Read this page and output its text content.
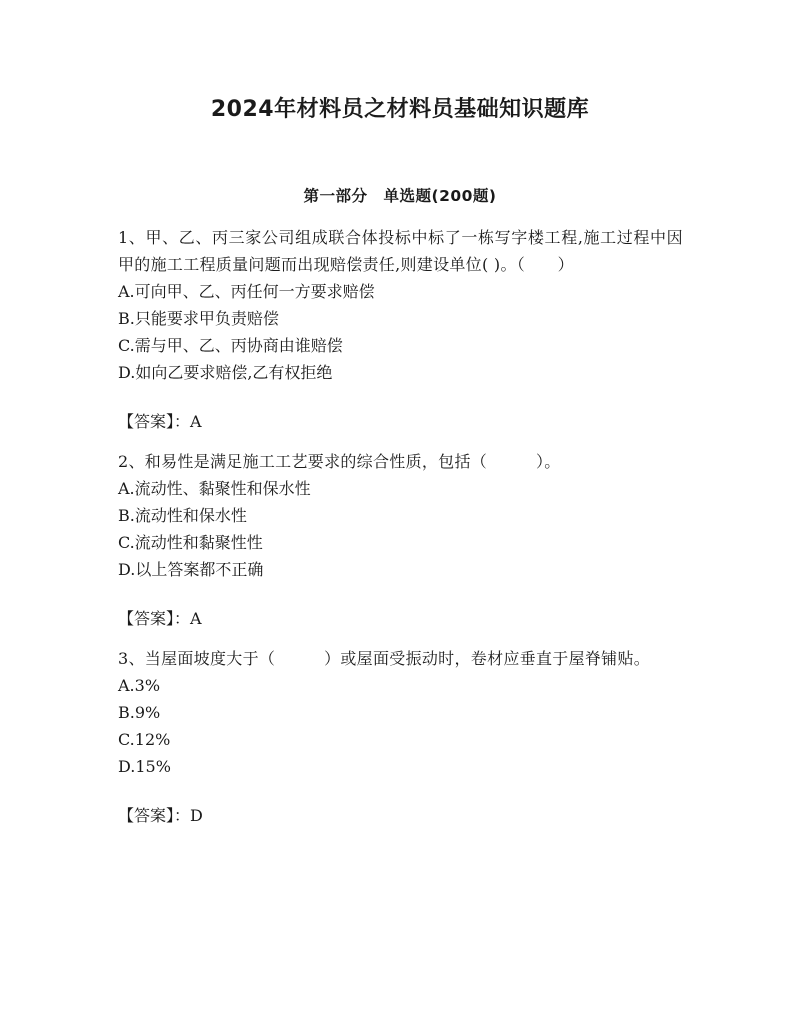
2024年材料员之材料员基础知识题库
第一部分　单选题(200题)

1、甲、乙、丙三家公司组成联合体投标中标了一栋写字楼工程,施工过程中因甲的施工工程质量问题而出现赔偿责任,则建设单位( )。（　　）

A.可向甲、乙、丙任何一方要求赔偿
B.只能要求甲负责赔偿
C.需与甲、乙、丙协商由谁赔偿
D.如向乙要求赔偿,乙有权拒绝
【答案】：A

2、和易性是满足施工工艺要求的综合性质，包括（　　　）。

A.流动性、黏聚性和保水性
B.流动性和保水性
C.流动性和黏聚性性
D.以上答案都不正确
【答案】：A

3、当屋面坡度大于（　　　）或屋面受振动时，卷材应垂直于屋脊铺贴。

A.3%
B.9%
C.12%
D.15%
【答案】：D
